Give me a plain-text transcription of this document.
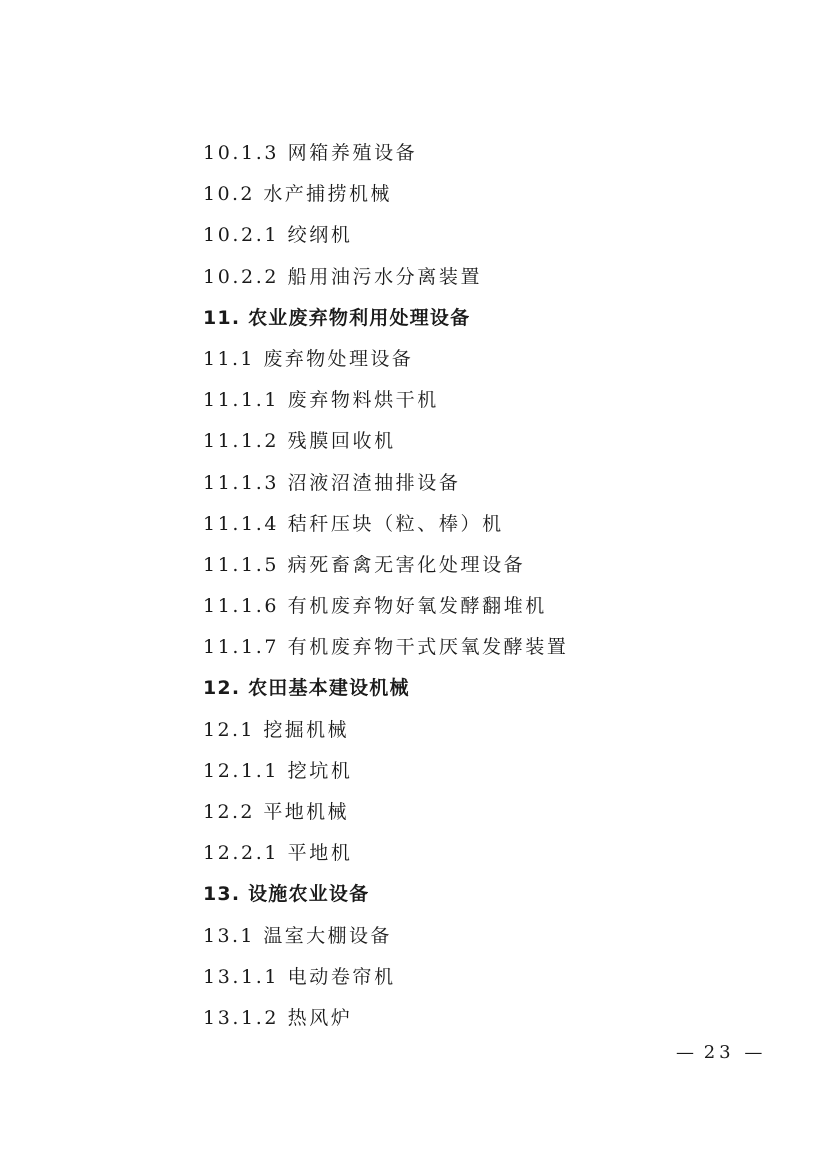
10.1.3 网箱养殖设备
10.2 水产捕捞机械
10.2.1 绞纲机
10.2.2 船用油污水分离装置
11. 农业废弃物利用处理设备
11.1 废弃物处理设备
11.1.1 废弃物料烘干机
11.1.2 残膜回收机
11.1.3 沼液沼渣抽排设备
11.1.4 秸秆压块（粒、棒）机
11.1.5 病死畜禽无害化处理设备
11.1.6 有机废弃物好氧发酵翻堆机
11.1.7 有机废弃物干式厌氧发酵装置
12. 农田基本建设机械
12.1 挖掘机械
12.1.1 挖坑机
12.2 平地机械
12.2.1 平地机
13. 设施农业设备
13.1 温室大棚设备
13.1.1 电动卷帘机
13.1.2 热风炉
— 23 —
